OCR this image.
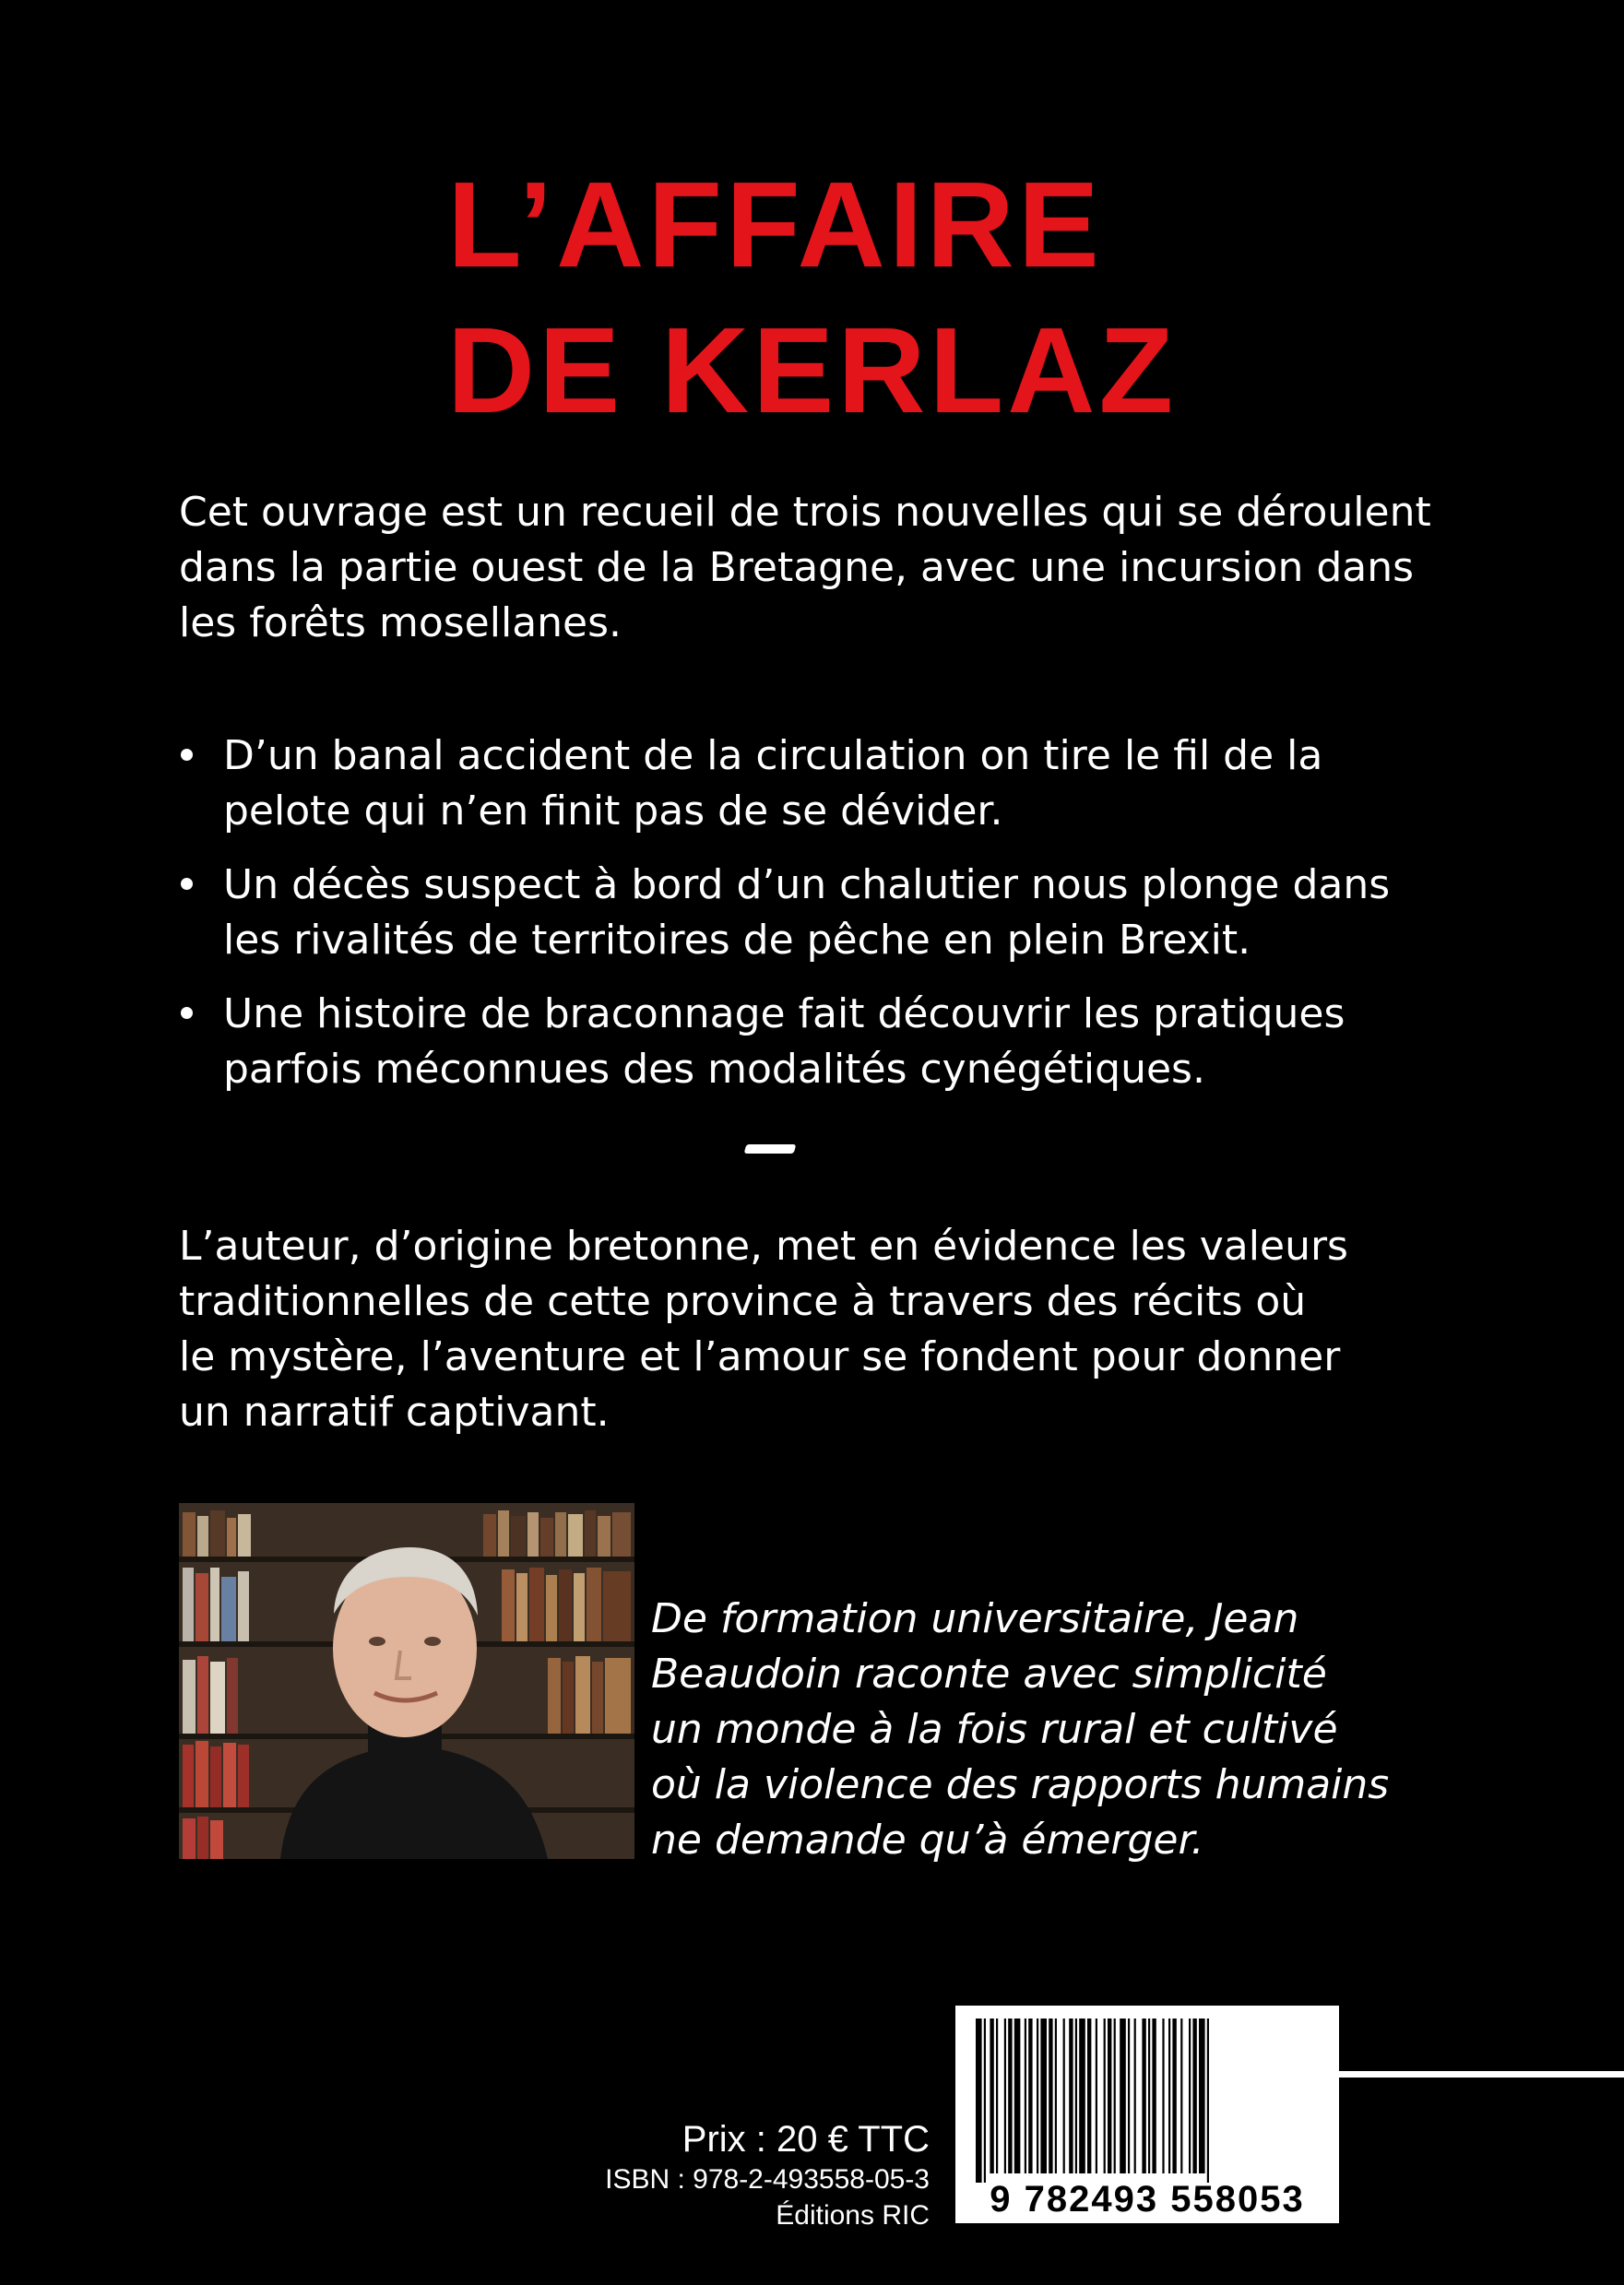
L’AFFAIRE
DE KERLAZ
Cet ouvrage est un recueil de trois nouvelles qui se déroulent
dans la partie ouest de la Bretagne, avec une incursion dans
les forêts mosellanes.
D’un banal accident de la circulation on tire le fil de la
pelote qui n’en finit pas de se dévider.
Un décès suspect à bord d’un chalutier nous plonge dans
les rivalités de territoires de pêche en plein Brexit.
Une histoire de braconnage fait découvrir les pratiques
parfois méconnues des modalités cynégétiques.
L’auteur, d’origine bretonne, met en évidence les valeurs
traditionnelles de cette province à travers des récits où
le mystère, l’aventure et l’amour se fondent pour donner
un narratif captivant.
De formation universitaire, Jean
Beaudoin raconte avec simplicité
un monde à la fois rural et cultivé
où la violence des rapports humains
ne demande qu’à émerger.
9 782493 558053
Prix : 20 € TTC
ISBN : 978-2-493558-05-3
Éditions RIC
